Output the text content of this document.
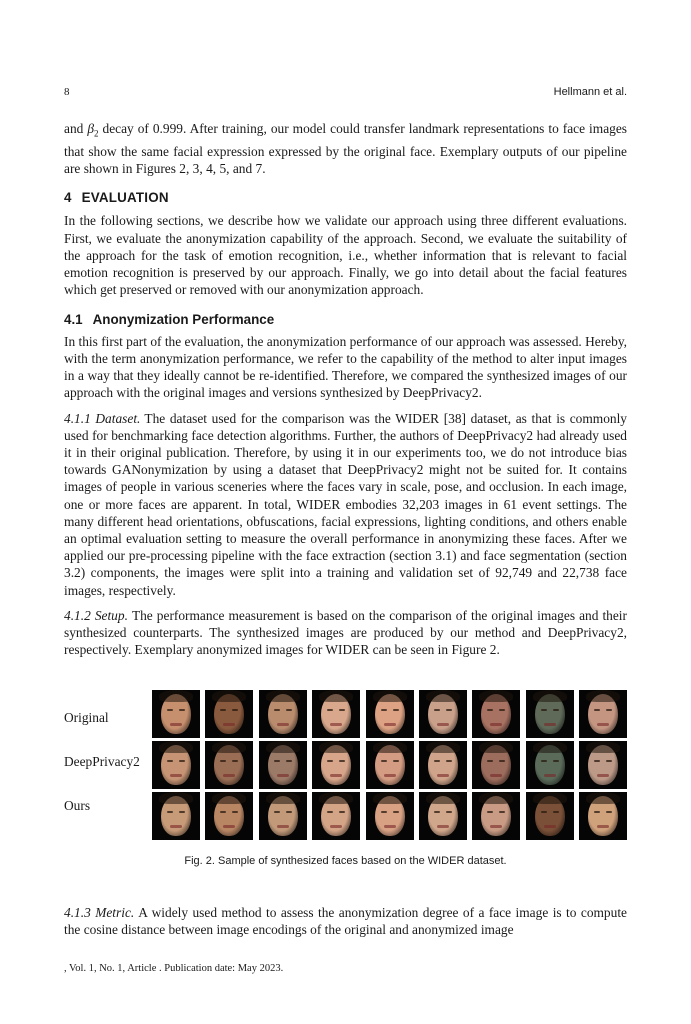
8	Hellmann et al.

and $\beta_2$ decay of 0.999. After training, our model could transfer landmark representations to face images that show the same facial expression expressed by the original face. Exemplary outputs of our pipeline are shown in Figures 2, 3, 4, 5, and 7.

4 EVALUATION

In the following sections, we describe how we validate our approach using three different evaluations. First, we evaluate the anonymization capability of the approach. Second, we evaluate the suitability of the approach for the task of emotion recognition, i.e., whether information that is relevant to facial emotion recognition is preserved by our approach. Finally, we go into detail about the facial features which get preserved or removed with our anonymization approach.

4.1 Anonymization Performance

In this first part of the evaluation, the anonymization performance of our approach was assessed. Hereby, with the term anonymization performance, we refer to the capability of the method to alter input images in a way that they ideally cannot be re-identified. Therefore, we compared the synthesized images of our approach with the original images and versions synthesized by DeepPrivacy2.

4.1.1 Dataset. The dataset used for the comparison was the WIDER [38] dataset, as that is commonly used for benchmarking face detection algorithms. Further, the authors of DeepPrivacy2 had already used it in their original publication. Therefore, by using it in our experiments too, we do not introduce bias towards GANonymization by using a dataset that DeepPrivacy2 might not be suited for. It contains images of people in various sceneries where the faces vary in scale, pose, and occlusion. In each image, one or more faces are apparent. In total, WIDER embodies 32,203 images in 61 event settings. The many different head orientations, obfuscations, facial expressions, lighting conditions, and others enable an optimal evaluation setting to measure the overall performance in anonymizing these faces. After we applied our pre-processing pipeline with the face extraction (section 3.1) and face segmentation (section 3.2) components, the images were split into a training and validation set of 92,749 and 22,738 face images, respectively.

4.1.2 Setup. The performance measurement is based on the comparison of the original images and their synthesized counterparts. The synthesized images are produced by our method and DeepPrivacy2, respectively. Exemplary anonymized images for WIDER can be seen in Figure 2.

Original
DeepPrivacy2
Ours
Fig. 2. Sample of synthesized faces based on the WIDER dataset.

4.1.3 Metric. A widely used method to assess the anonymization degree of a face image is to compute the cosine distance between image encodings of the original and anonymized image

, Vol. 1, No. 1, Article . Publication date: May 2023.
